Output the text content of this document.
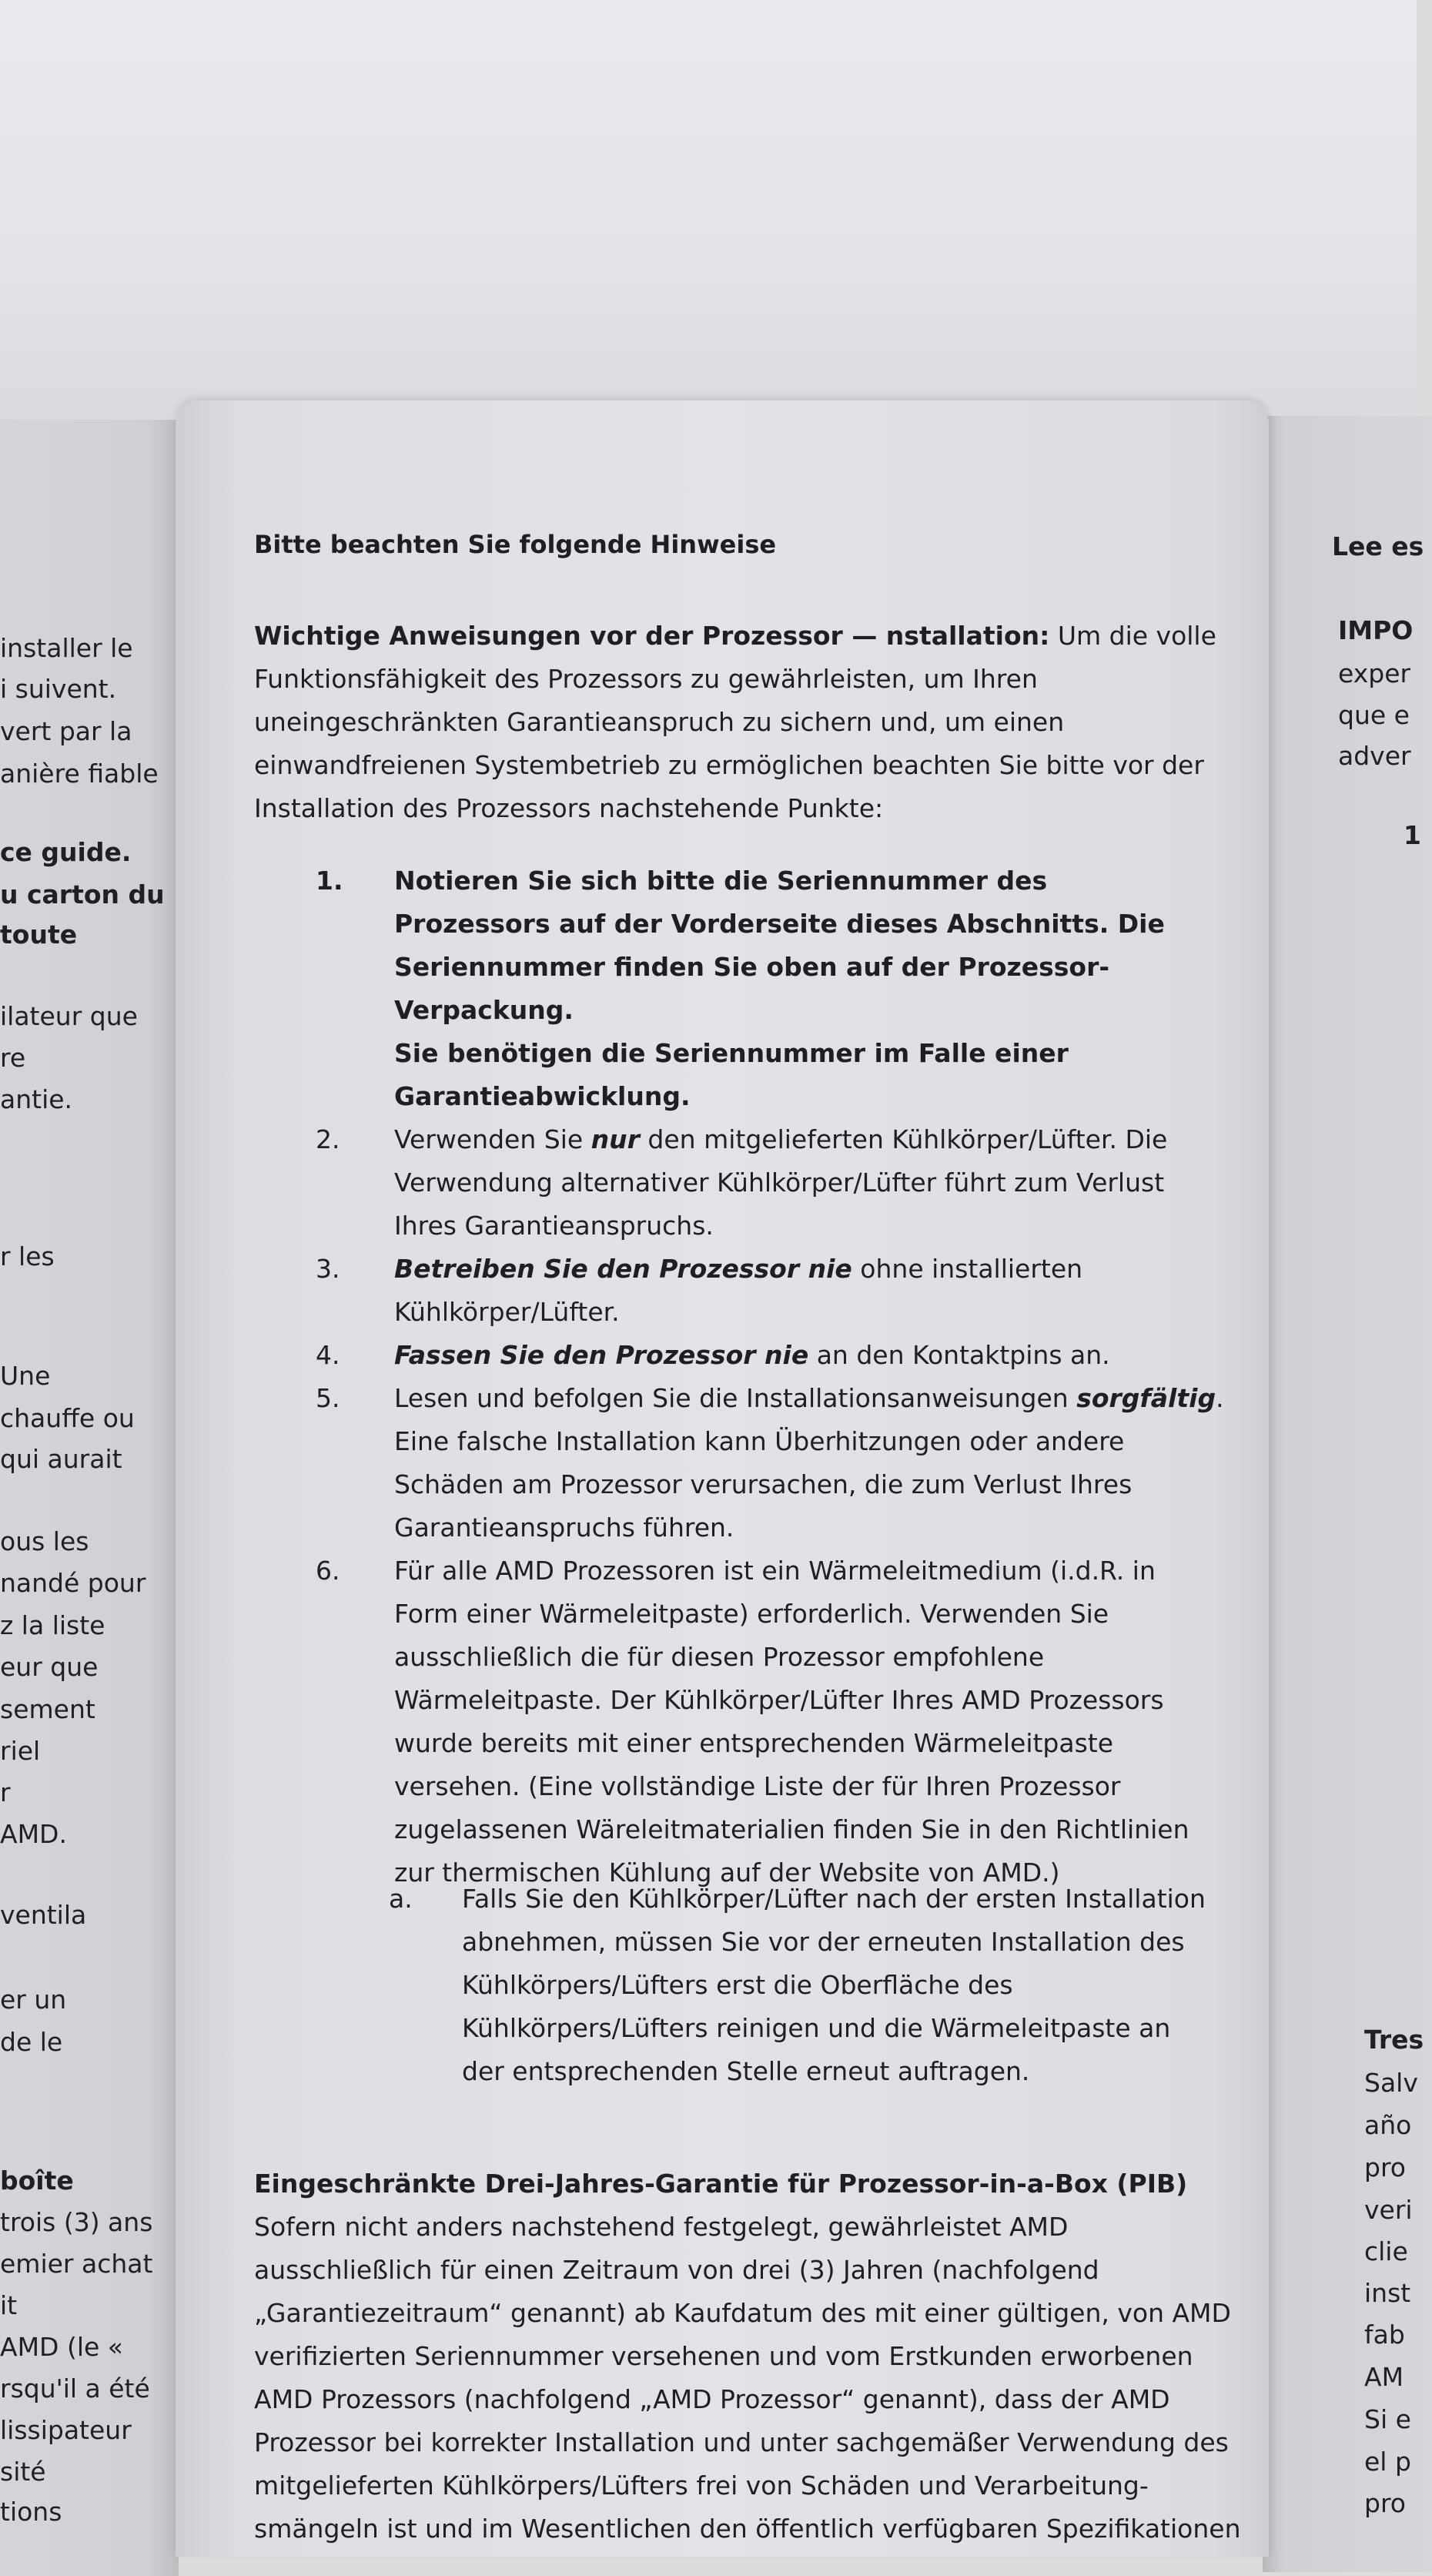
installer le
i suivent.
vert par la
anière fiable
ce guide.
u carton du
toute
ilateur que
re
antie.
r les
Une
chauffe ou
qui aurait
ous les
nandé pour
z la liste
eur que
sement
riel
r
AMD.
ventila
er un
de le
boîte
trois (3) ans
emier achat
it
AMD (le «
rsqu'il a été
lissipateur
sité
tions
Lee es
IMPO
exper
que e
adver
1
Tres
Salv
año
pro
veri
clie
inst
fab
AM
Si e
el p
pro
Bitte beachten Sie folgende Hinweise
Wichtige Anweisungen vor der Prozessor — nstallation: Um die volle
Funktionsfähigkeit des Prozessors zu gewährleisten, um Ihren
uneingeschränkten Garantieanspruch zu sichern und, um einen
einwandfreienen Systembetrieb zu ermöglichen beachten Sie bitte vor der
Installation des Prozessors nachstehende Punkte:
1.	Notieren Sie sich bitte die Seriennummer des
Prozessors auf der Vorderseite dieses Abschnitts. Die
Seriennummer finden Sie oben auf der Prozessor-Verpackung.
Sie benötigen die Seriennummer im Falle einer
Garantieabwicklung.
2.	Verwenden Sie nur den mitgelieferten Kühlkörper/Lüfter. Die
Verwendung alternativer Kühlkörper/Lüfter führt zum Verlust
Ihres Garantieanspruchs.
3.	Betreiben Sie den Prozessor nie ohne installierten
Kühlkörper/Lüfter.
4.	Fassen Sie den Prozessor nie an den Kontaktpins an.
5.	Lesen und befolgen Sie die Installationsanweisungen sorgfältig.
Eine falsche Installation kann Überhitzungen oder andere
Schäden am Prozessor verursachen, die zum Verlust Ihres
Garantieanspruchs führen.
6.	Für alle AMD Prozessoren ist ein Wärmeleitmedium (i.d.R. in
Form einer Wärmeleitpaste) erforderlich. Verwenden Sie
ausschließlich die für diesen Prozessor empfohlene
Wärmeleitpaste. Der Kühlkörper/Lüfter Ihres AMD Prozessors
wurde bereits mit einer entsprechenden Wärmeleitpaste
versehen. (Eine vollständige Liste der für Ihren Prozessor
zugelassenen Wäreleitmaterialien finden Sie in den Richtlinien
zur thermischen Kühlung auf der Website von AMD.)
a.	Falls Sie den Kühlkörper/Lüfter nach der ersten Installation
abnehmen, müssen Sie vor der erneuten Installation des
Kühlkörpers/Lüfters erst die Oberfläche des
Kühlkörpers/Lüfters reinigen und die Wärmeleitpaste an
der entsprechenden Stelle erneut auftragen.
Eingeschränkte Drei-Jahres-Garantie für Prozessor-in-a-Box (PIB)
Sofern nicht anders nachstehend festgelegt, gewährleistet AMD
ausschließlich für einen Zeitraum von drei (3) Jahren (nachfolgend
„Garantiezeitraum“ genannt) ab Kaufdatum des mit einer gültigen, von AMD
verifizierten Seriennummer versehenen und vom Erstkunden erworbenen
AMD Prozessors (nachfolgend „AMD Prozessor“ genannt), dass der AMD
Prozessor bei korrekter Installation und unter sachgemäßer Verwendung des
mitgelieferten Kühlkörpers/Lüfters frei von Schäden und Verarbeitung-
smängeln ist und im Wesentlichen den öffentlich verfügbaren Spezifikationen
